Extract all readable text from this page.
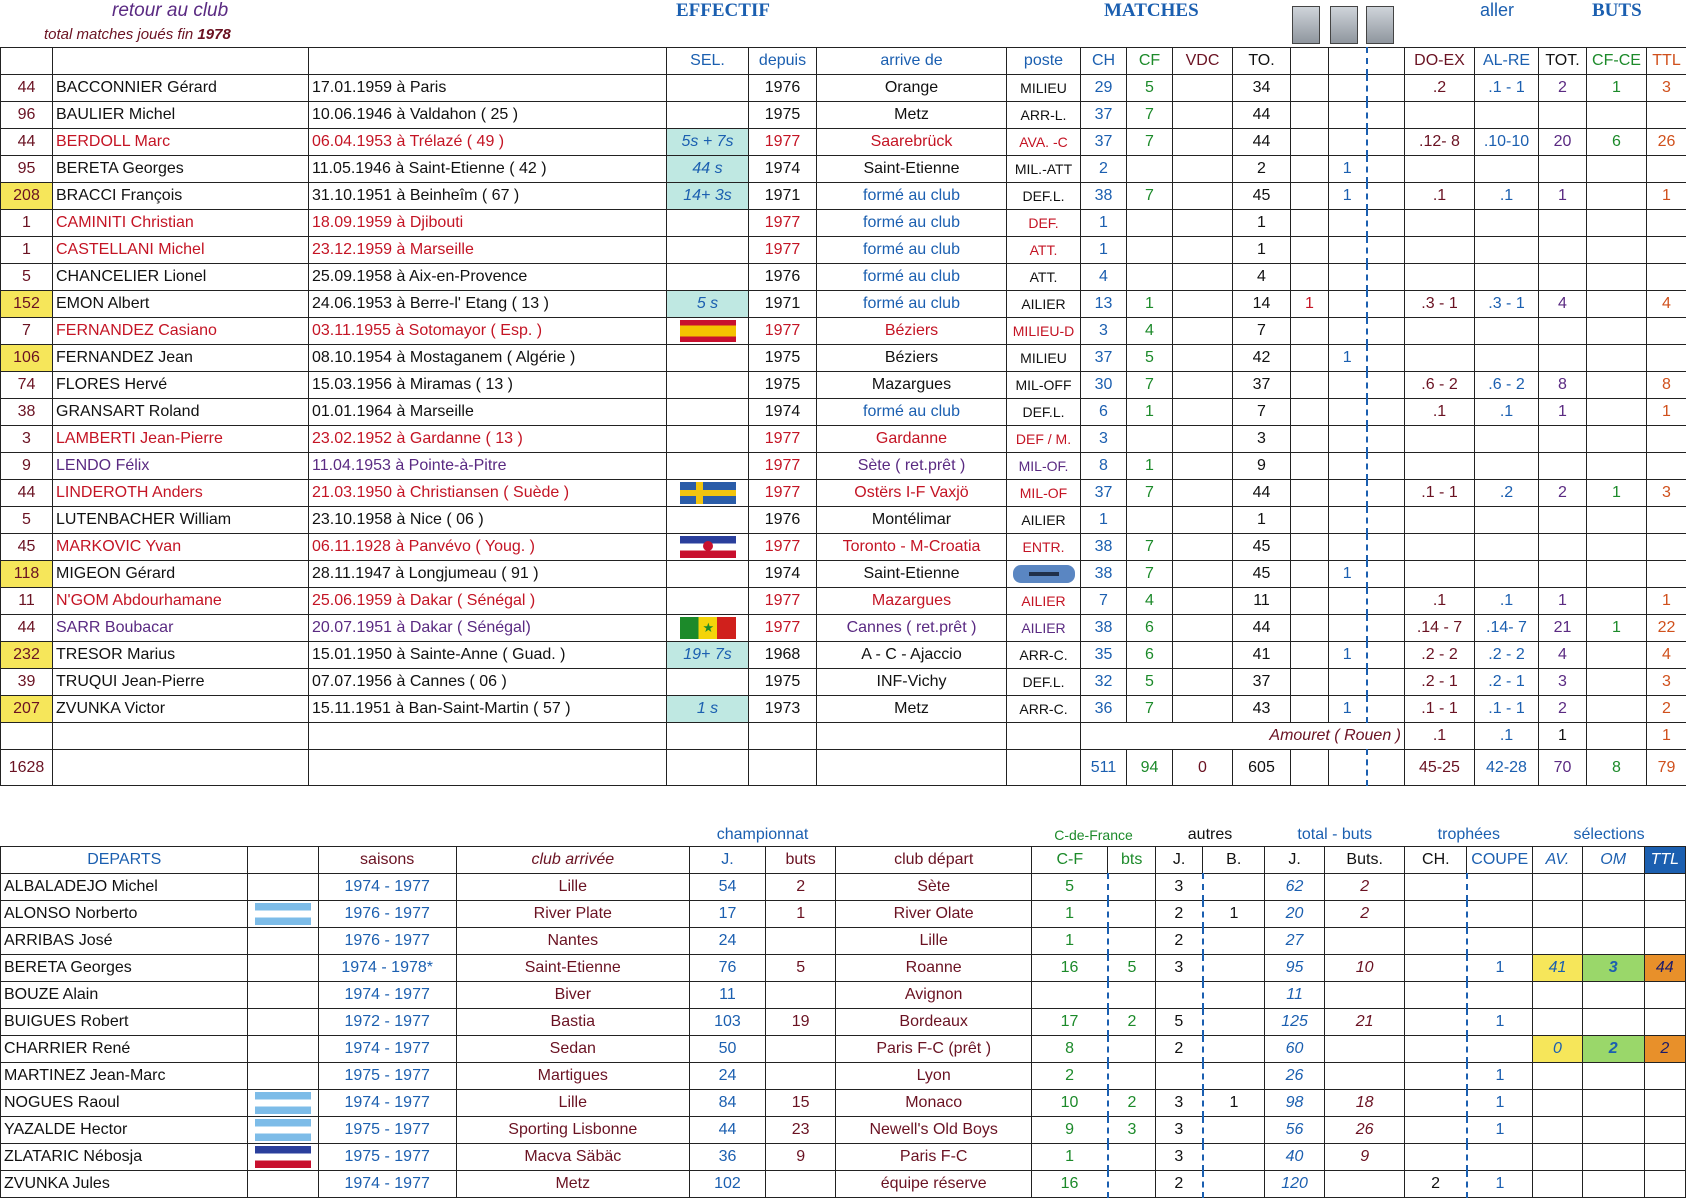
retour au club
total matches joués fin 1978
EFFECTIF	MATCHES	aller	BUTS
			SEL.	depuis	arrive de	poste	CH	CF	VDC	TO.				DO-EX	AL-RE	TOT.	CF-CE	TTL
44	BACCONNIER Gérard	17.01.1959 à Paris		1976	Orange	MILIEU	29	5		34				.2	.1 - 1	2	1	3
96	BAULIER Michel	10.06.1946 à Valdahon ( 25 )		1975	Metz	ARR-L.	37	7		44								
44	BERDOLL Marc	06.04.1953 à Trélazé ( 49 )	5s + 7s	1977	Saarebrück	AVA. -C	37	7		44				.12- 8	.10-10	20	6	26
95	BERETA Georges	11.05.1946 à Saint-Etienne ( 42 )	44 s	1974	Saint-Etienne	MIL.-ATT	2			2		1						
208	BRACCI François	31.10.1951 à Beinheîm ( 67 )	14+ 3s	1971	formé au club	DEF.L.	38	7		45		1		.1	.1	1		1
1	CAMINITI Christian	18.09.1959 à Djibouti		1977	formé au club	DEF.	1			1								
1	CASTELLANI Michel	23.12.1959 à Marseille		1977	formé au club	ATT.	1			1								
5	CHANCELIER Lionel	25.09.1958 à Aix-en-Provence		1976	formé au club	ATT.	4			4								
152	EMON Albert	24.06.1953 à Berre-l' Etang ( 13 )	5 s	1971	formé au club	AILIER	13	1		14	1			.3 - 1	.3 - 1	4		4
7	FERNANDEZ Casiano	03.11.1955 à Sotomayor ( Esp. )		1977	Béziers	MILIEU-D	3	4		7								
106	FERNANDEZ Jean	08.10.1954 à Mostaganem ( Algérie )		1975	Béziers	MILIEU	37	5		42		1						
74	FLORES Hervé	15.03.1956 à Miramas ( 13 )		1975	Mazargues	MIL-OFF	30	7		37				.6 - 2	.6 - 2	8		8
38	GRANSART Roland	01.01.1964 à Marseille		1974	formé au club	DEF.L.	6	1		7				.1	.1	1		1
3	LAMBERTI Jean-Pierre	23.02.1952 à Gardanne ( 13 )		1977	Gardanne	DEF / M.	3			3								
9	LENDO Félix	11.04.1953 à Pointe-à-Pitre		1977	Sète ( ret.prêt )	MIL-OF.	8	1		9								
44	LINDEROTH Anders	21.03.1950 à Christiansen ( Suède )		1977	Ostërs I-F Vaxjö	MIL-OF	37	7		44				.1 - 1	.2	2	1	3
5	LUTENBACHER William	23.10.1958 à Nice ( 06 )		1976	Montélimar	AILIER	1			1								
45	MARKOVIC Yvan	06.11.1928 à Panvévo ( Youg. )		1977	Toronto - M-Croatia	ENTR.	38	7		45								
118	MIGEON Gérard	28.11.1947 à Longjumeau ( 91 )		1974	Saint-Etienne		38	7		45		1						
11	N'GOM Abdourhamane	25.06.1959 à Dakar ( Sénégal )		1977	Mazargues	AILIER	7	4		11				.1	.1	1		1
44	SARR Boubacar	20.07.1951 à Dakar ( Sénégal)	★	1977	Cannes ( ret.prêt )	AILIER	38	6		44				.14 - 7	.14- 7	21	1	22
232	TRESOR Marius	15.01.1950 à Sainte-Anne ( Guad. )	19+ 7s	1968	A - C - Ajaccio	ARR-C.	35	6		41		1		.2 - 2	.2 - 2	4		4
39	TRUQUI Jean-Pierre	07.07.1956 à Cannes ( 06 )		1975	INF-Vichy	DEF.L.	32	5		37				.2 - 1	.2 - 1	3		3
207	ZVUNKA Victor	15.11.1951 à Ban-Saint-Martin ( 57 )	1 s	1973	Metz	ARR-C.	36	7		43		1		.1 - 1	.1 - 1	2		2
							Amouret ( Rouen )							.1	.1	1		1
1628							511	94	0	605				45-25	42-28	70	8	79
				championnat			C-de-France		autres		total - buts		trophées		sélections		
DEPARTS		saisons	club arrivée	J.	buts	club départ	C-F	bts	J.	B.	J.	Buts.	CH.	COUPE	AV.	OM	TTL
ALBALADEJO Michel		1974 - 1977	Lille	54	2	Sète	5		3		62	2					
ALONSO Norberto		1976 - 1977	River Plate	17	1	River Olate	1		2	1	20	2					
ARRIBAS José		1976 - 1977	Nantes	24		Lille	1		2		27						
BERETA Georges		1974 - 1978*	Saint-Etienne	76	5	Roanne	16	5	3		95	10		1	41	3	44
BOUZE Alain		1974 - 1977	Biver	11		Avignon					11						
BUIGUES Robert		1972 - 1977	Bastia	103	19	Bordeaux	17	2	5		125	21		1			
CHARRIER René		1974 - 1977	Sedan	50		Paris F-C (prêt )	8		2		60				0	2	2
MARTINEZ Jean-Marc		1975 - 1977	Martigues	24		Lyon	2				26			1			
NOGUES Raoul		1974 - 1977	Lille	84	15	Monaco	10	2	3	1	98	18		1			
YAZALDE Hector		1975 - 1977	Sporting Lisbonne	44	23	Newell's Old Boys	9	3	3		56	26		1			
ZLATARIC Nébosja		1975 - 1977	Macva Säbäc	36	9	Paris F-C	1		3		40	9					
ZVUNKA Jules		1974 - 1977	Metz	102		équipe réserve	16		2		120		2	1			
